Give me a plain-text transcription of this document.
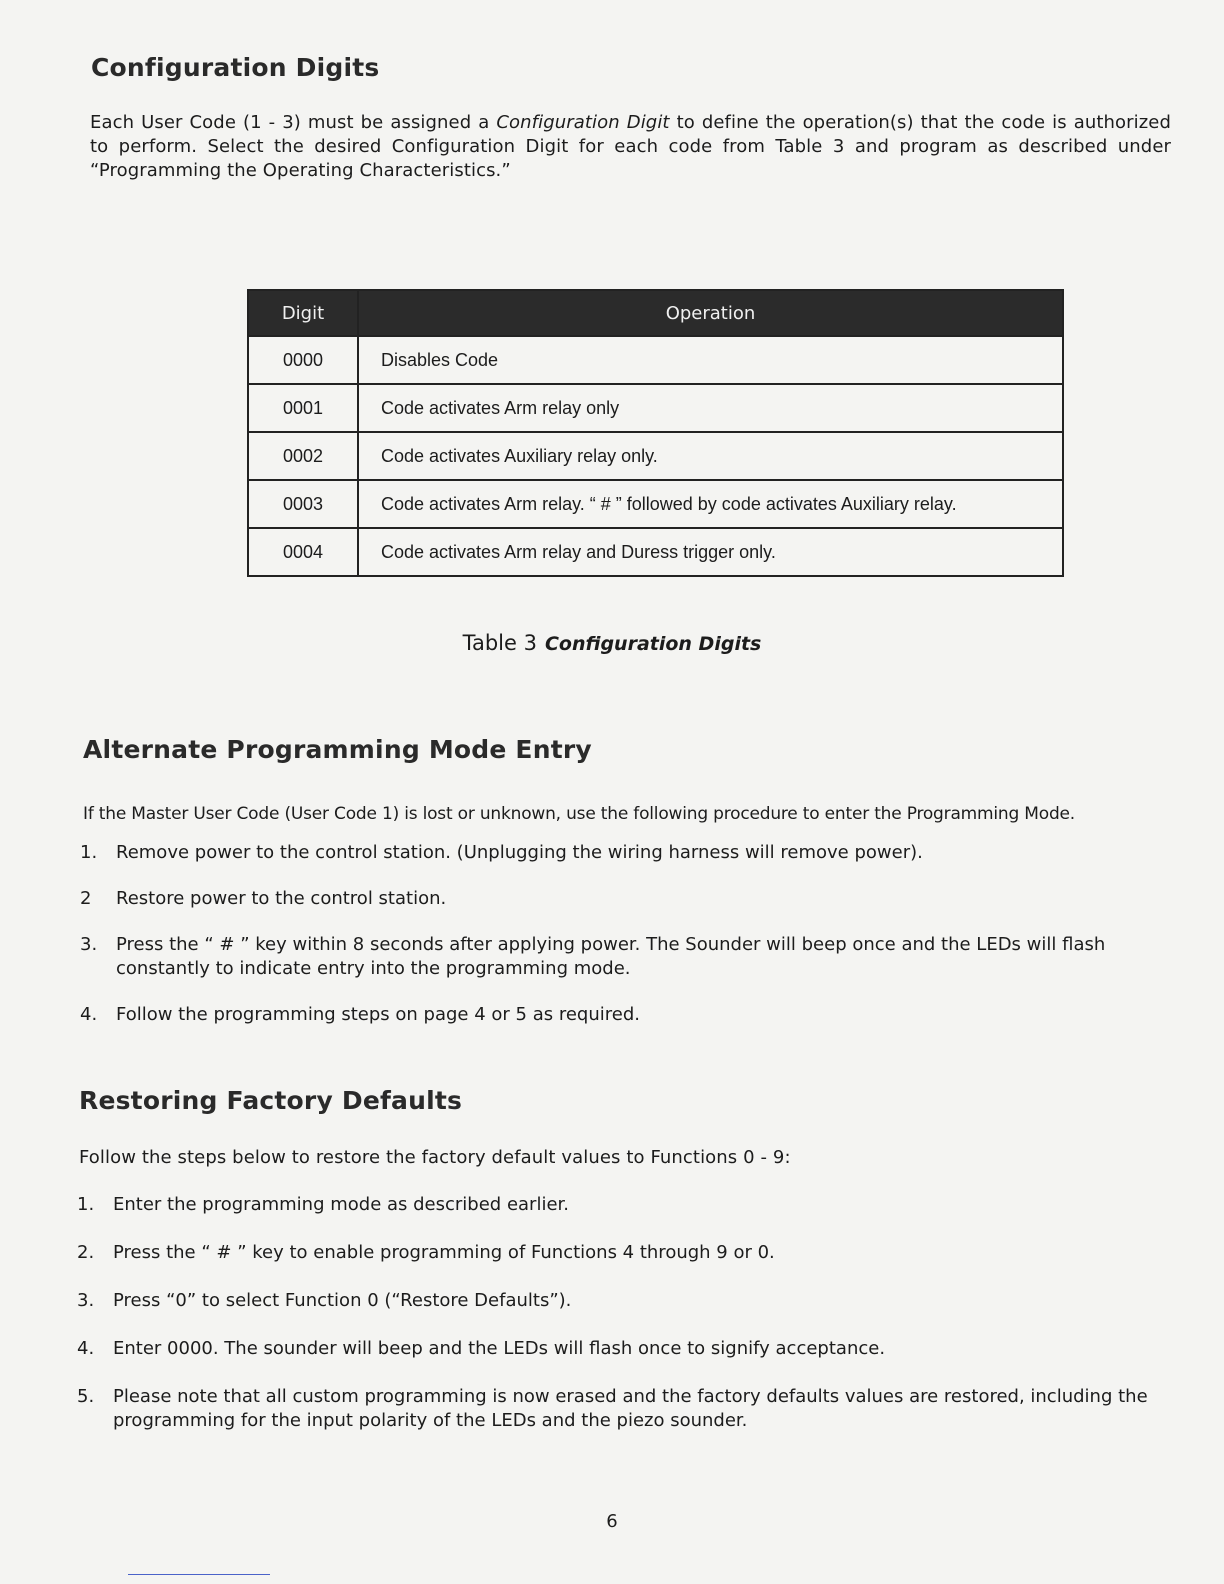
Configuration Digits

Each User Code (1 - 3) must be assigned a Configuration Digit to define the operation(s) that the code is authorized to perform. Select the desired Configuration Digit for each code from Table 3 and program as described under “Programming the Operating Characteristics.”

Digit	Operation
0000	Disables Code
0001	Code activates Arm relay only
0002	Code activates Auxiliary relay only.
0003	Code activates Arm relay. “ # ” followed by code activates Auxiliary relay.
0004	Code activates Arm relay and Duress trigger only.
Table 3 Configuration Digits
Alternate Programming Mode Entry

If the Master User Code (User Code 1) is lost or unknown, use the following procedure to enter the Programming Mode.

1.	Remove power to the control station. (Unplugging the wiring harness will remove power).
2	Restore power to the control station.
3.	Press the “ # ” key within 8 seconds after applying power. The Sounder will beep once and the LEDs will flash constantly to indicate entry into the programming mode.
4.	Follow the programming steps on page 4 or 5 as required.
Restoring Factory Defaults

Follow the steps below to restore the factory default values to Functions 0 - 9:

1.	Enter the programming mode as described earlier.
2.	Press the “ # ” key to enable programming of Functions 4 through 9 or 0.
3.	Press “0” to select Function 0 (“Restore Defaults”).
4.	Enter 0000. The sounder will beep and the LEDs will flash once to signify acceptance.
5.	Please note that all custom programming is now erased and the factory defaults values are restored, including the programming for the input polarity of the LEDs and the piezo sounder.
6
